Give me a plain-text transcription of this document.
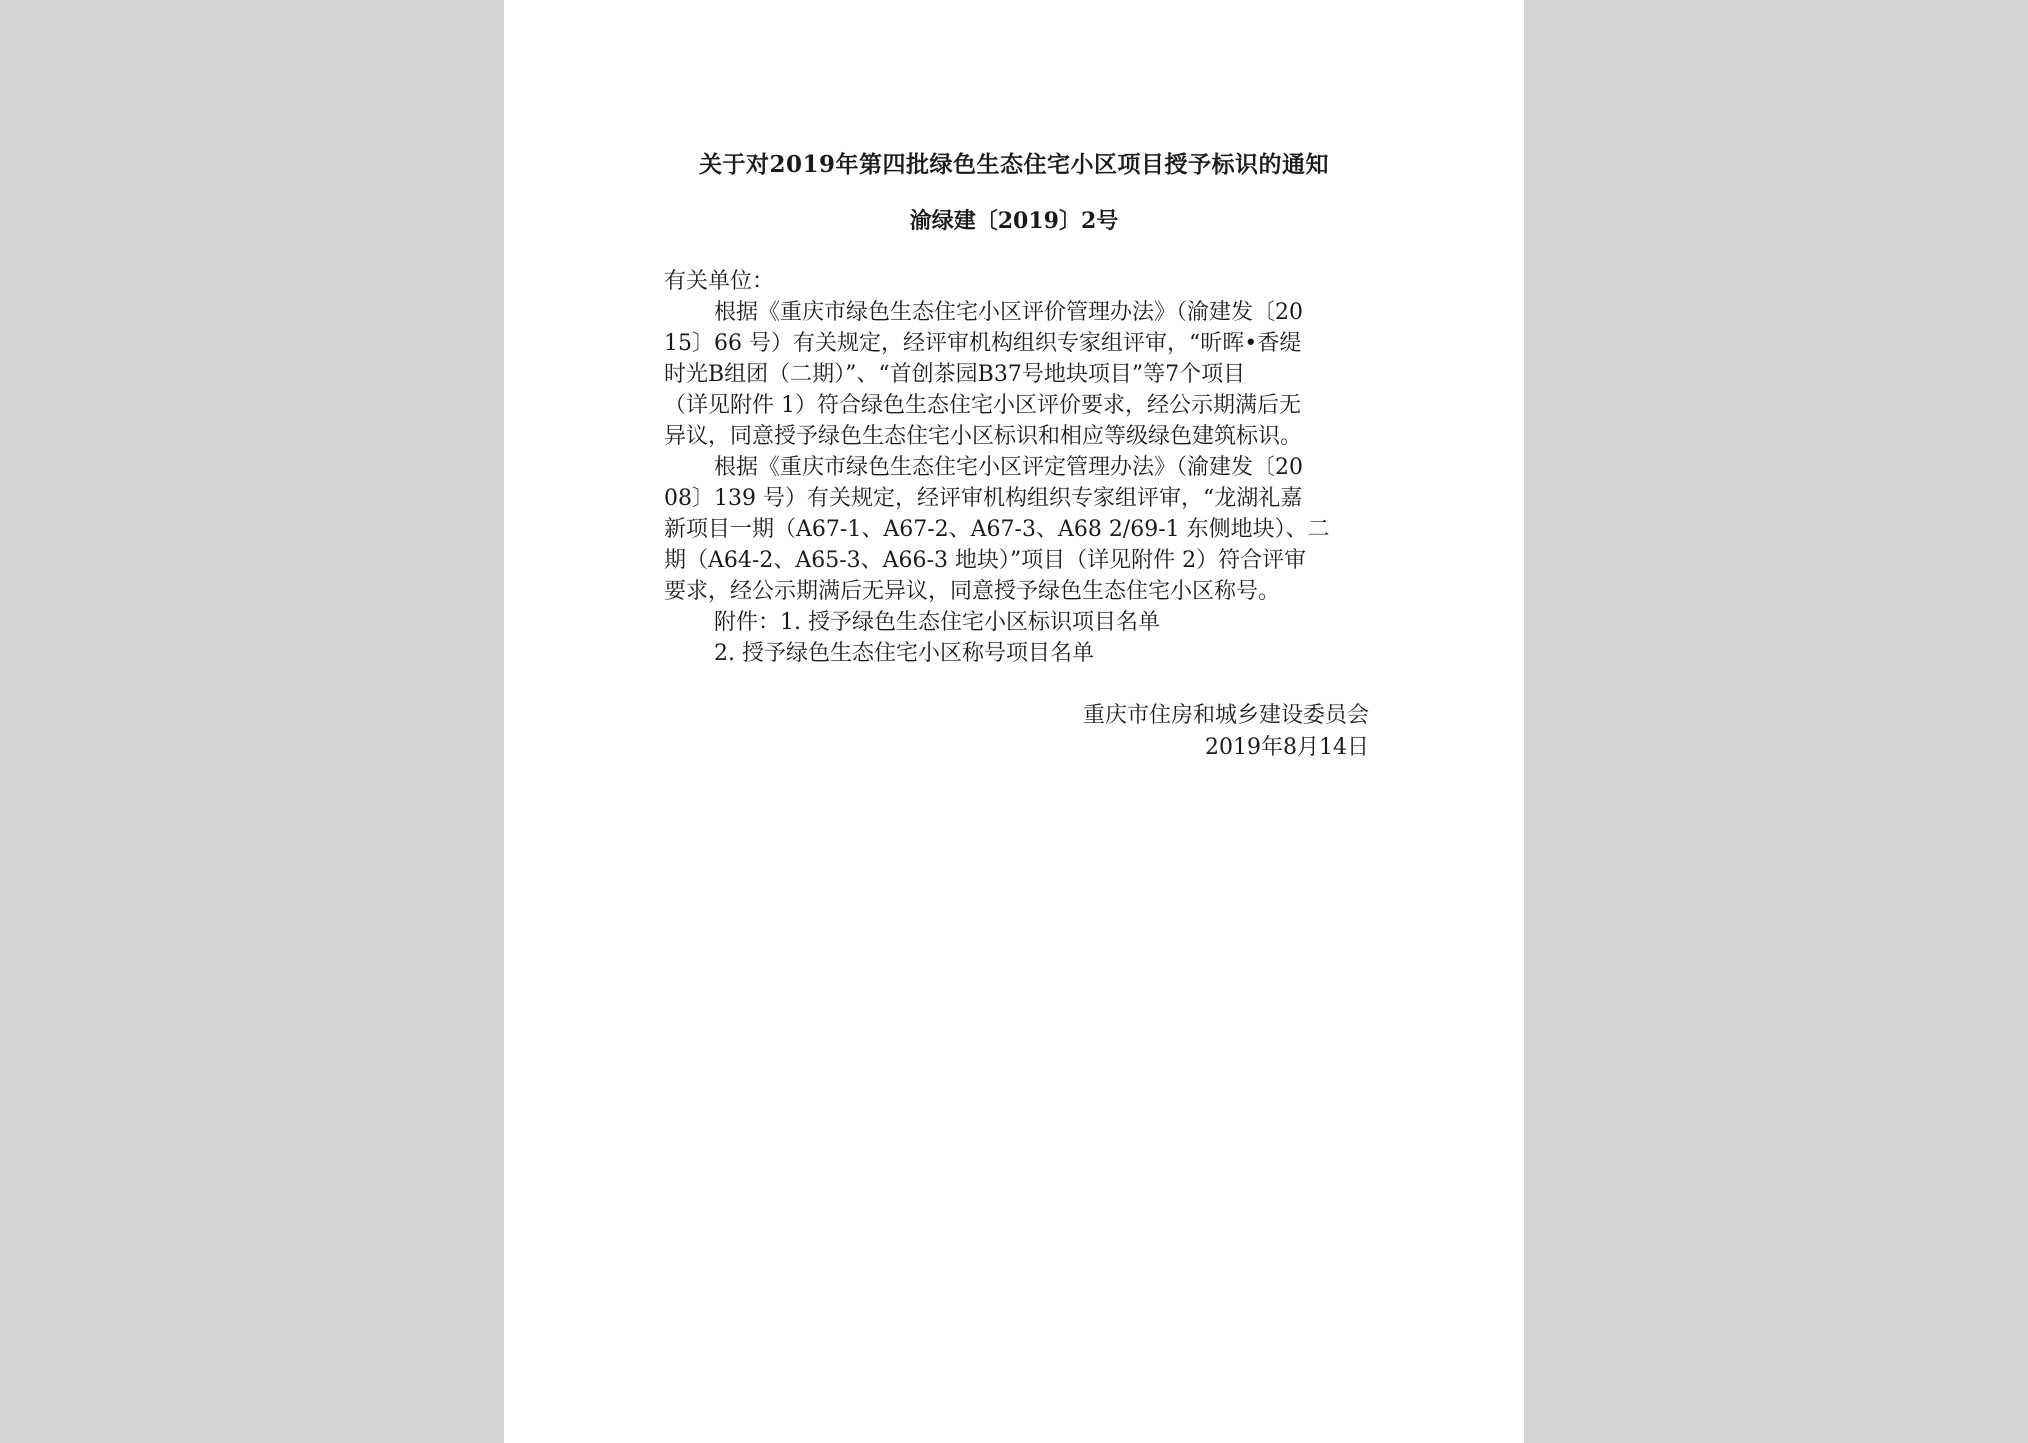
关于对2019年第四批绿色生态住宅小区项目授予标识的通知
渝绿建〔2019〕2号
有关单位：
根据《重庆市绿色生态住宅小区评价管理办法》（渝建发〔20
15〕66 号）有关规定，经评审机构组织专家组评审，“昕晖•香缇
时光B组团（二期）”、“首创茶园B37号地块项目”等7个项目
（详见附件 1）符合绿色生态住宅小区评价要求，经公示期满后无
异议，同意授予绿色生态住宅小区标识和相应等级绿色建筑标识。
根据《重庆市绿色生态住宅小区评定管理办法》（渝建发〔20
08〕139 号）有关规定，经评审机构组织专家组评审，“龙湖礼嘉
新项目一期（A67-1、A67-2、A67-3、A68 2/69-1 东侧地块）、二
期（A64-2、A65-3、A66-3 地块）”项目（详见附件 2）符合评审
要求，经公示期满后无异议，同意授予绿色生态住宅小区称号。
附件：1. 授予绿色生态住宅小区标识项目名单
2. 授予绿色生态住宅小区称号项目名单
重庆市住房和城乡建设委员会
2019年8月14日
